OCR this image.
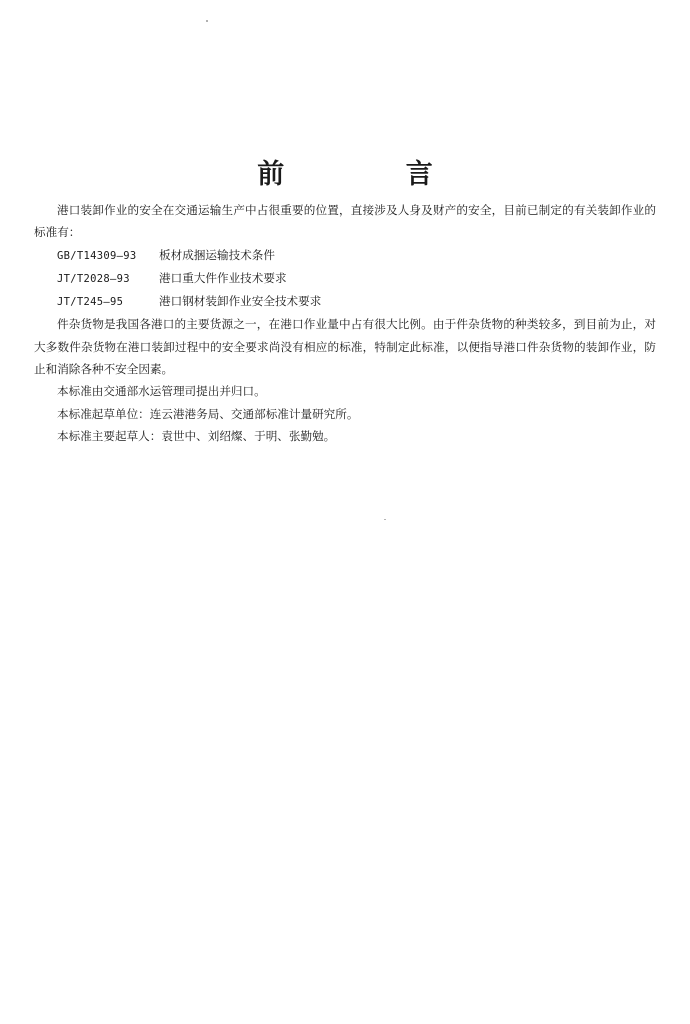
前 言

港口装卸作业的安全在交通运输生产中占很重要的位置，直接涉及人身及财产的安全，目前已制定的有关装卸作业的标准有：

GB/T14309—93 板材成捆运输技术条件
JT/T2028—93	港口重大件作业技术要求
JT/T245—95	港口钢材装卸作业安全技术要求

件杂货物是我国各港口的主要货源之一，在港口作业量中占有很大比例。由于件杂货物的种类较多，到目前为止，对大多数件杂货物在港口装卸过程中的安全要求尚没有相应的标准，特制定此标准，以便指导港口件杂货物的装卸作业，防止和消除各种不安全因素。

本标准由交通部水运管理司提出并归口。

本标准起草单位：连云港港务局、交通部标准计量研究所。

本标准主要起草人：袁世中、刘绍燦、于明、张勤勉。
